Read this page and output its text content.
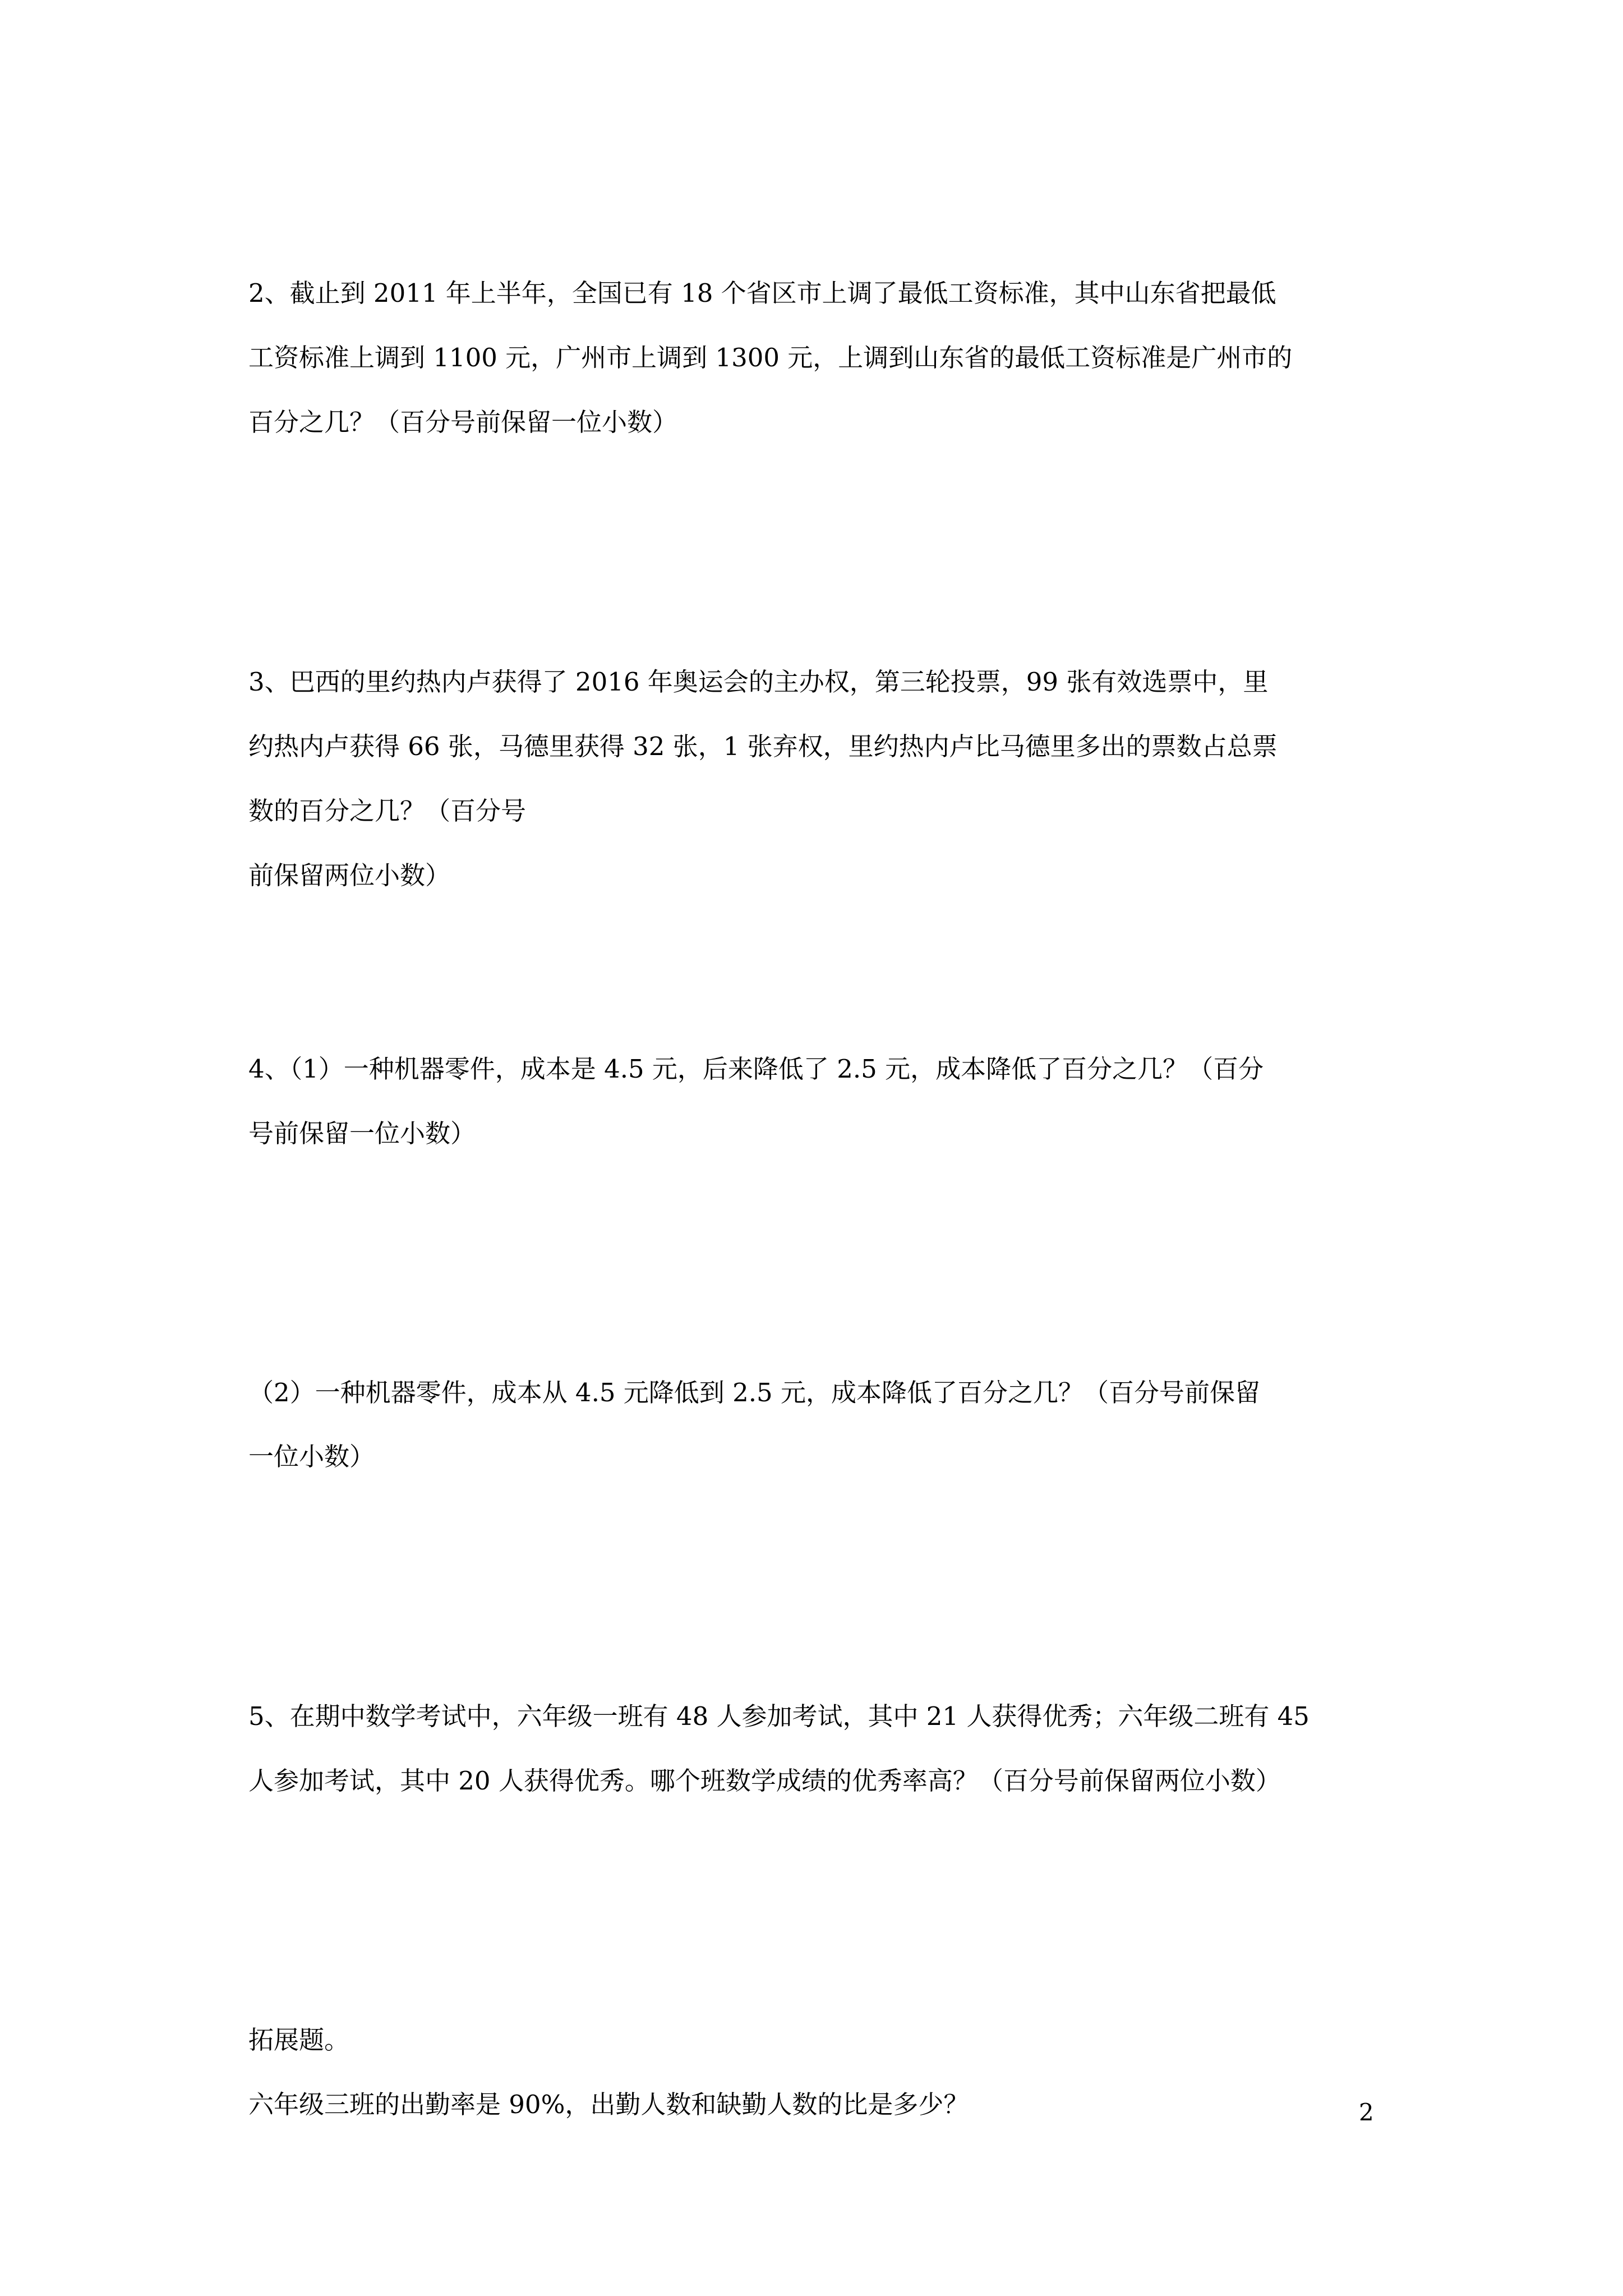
2、截止到 2011 年上半年，全国已有 18 个省区市上调了最低工资标准，其中山东省把最低
工资标准上调到 1100 元，广州市上调到 1300 元，上调到山东省的最低工资标准是广州市的
百分之几？（百分号前保留一位小数）
3、巴西的里约热内卢获得了 2016 年奥运会的主办权，第三轮投票，99 张有效选票中，里
约热内卢获得 66 张，马德里获得 32 张，1 张弃权，里约热内卢比马德里多出的票数占总票
数的百分之几？（百分号
前保留两位小数）
4、（1）一种机器零件，成本是 4.5 元，后来降低了 2.5 元，成本降低了百分之几？（百分
号前保留一位小数）
（2）一种机器零件，成本从 4.5 元降低到 2.5 元，成本降低了百分之几？（百分号前保留
一位小数）
5、在期中数学考试中，六年级一班有 48 人参加考试，其中 21 人获得优秀；六年级二班有 45
人参加考试，其中 20 人获得优秀。哪个班数学成绩的优秀率高？（百分号前保留两位小数）
拓展题。
六年级三班的出勤率是 90%，出勤人数和缺勤人数的比是多少？	2
